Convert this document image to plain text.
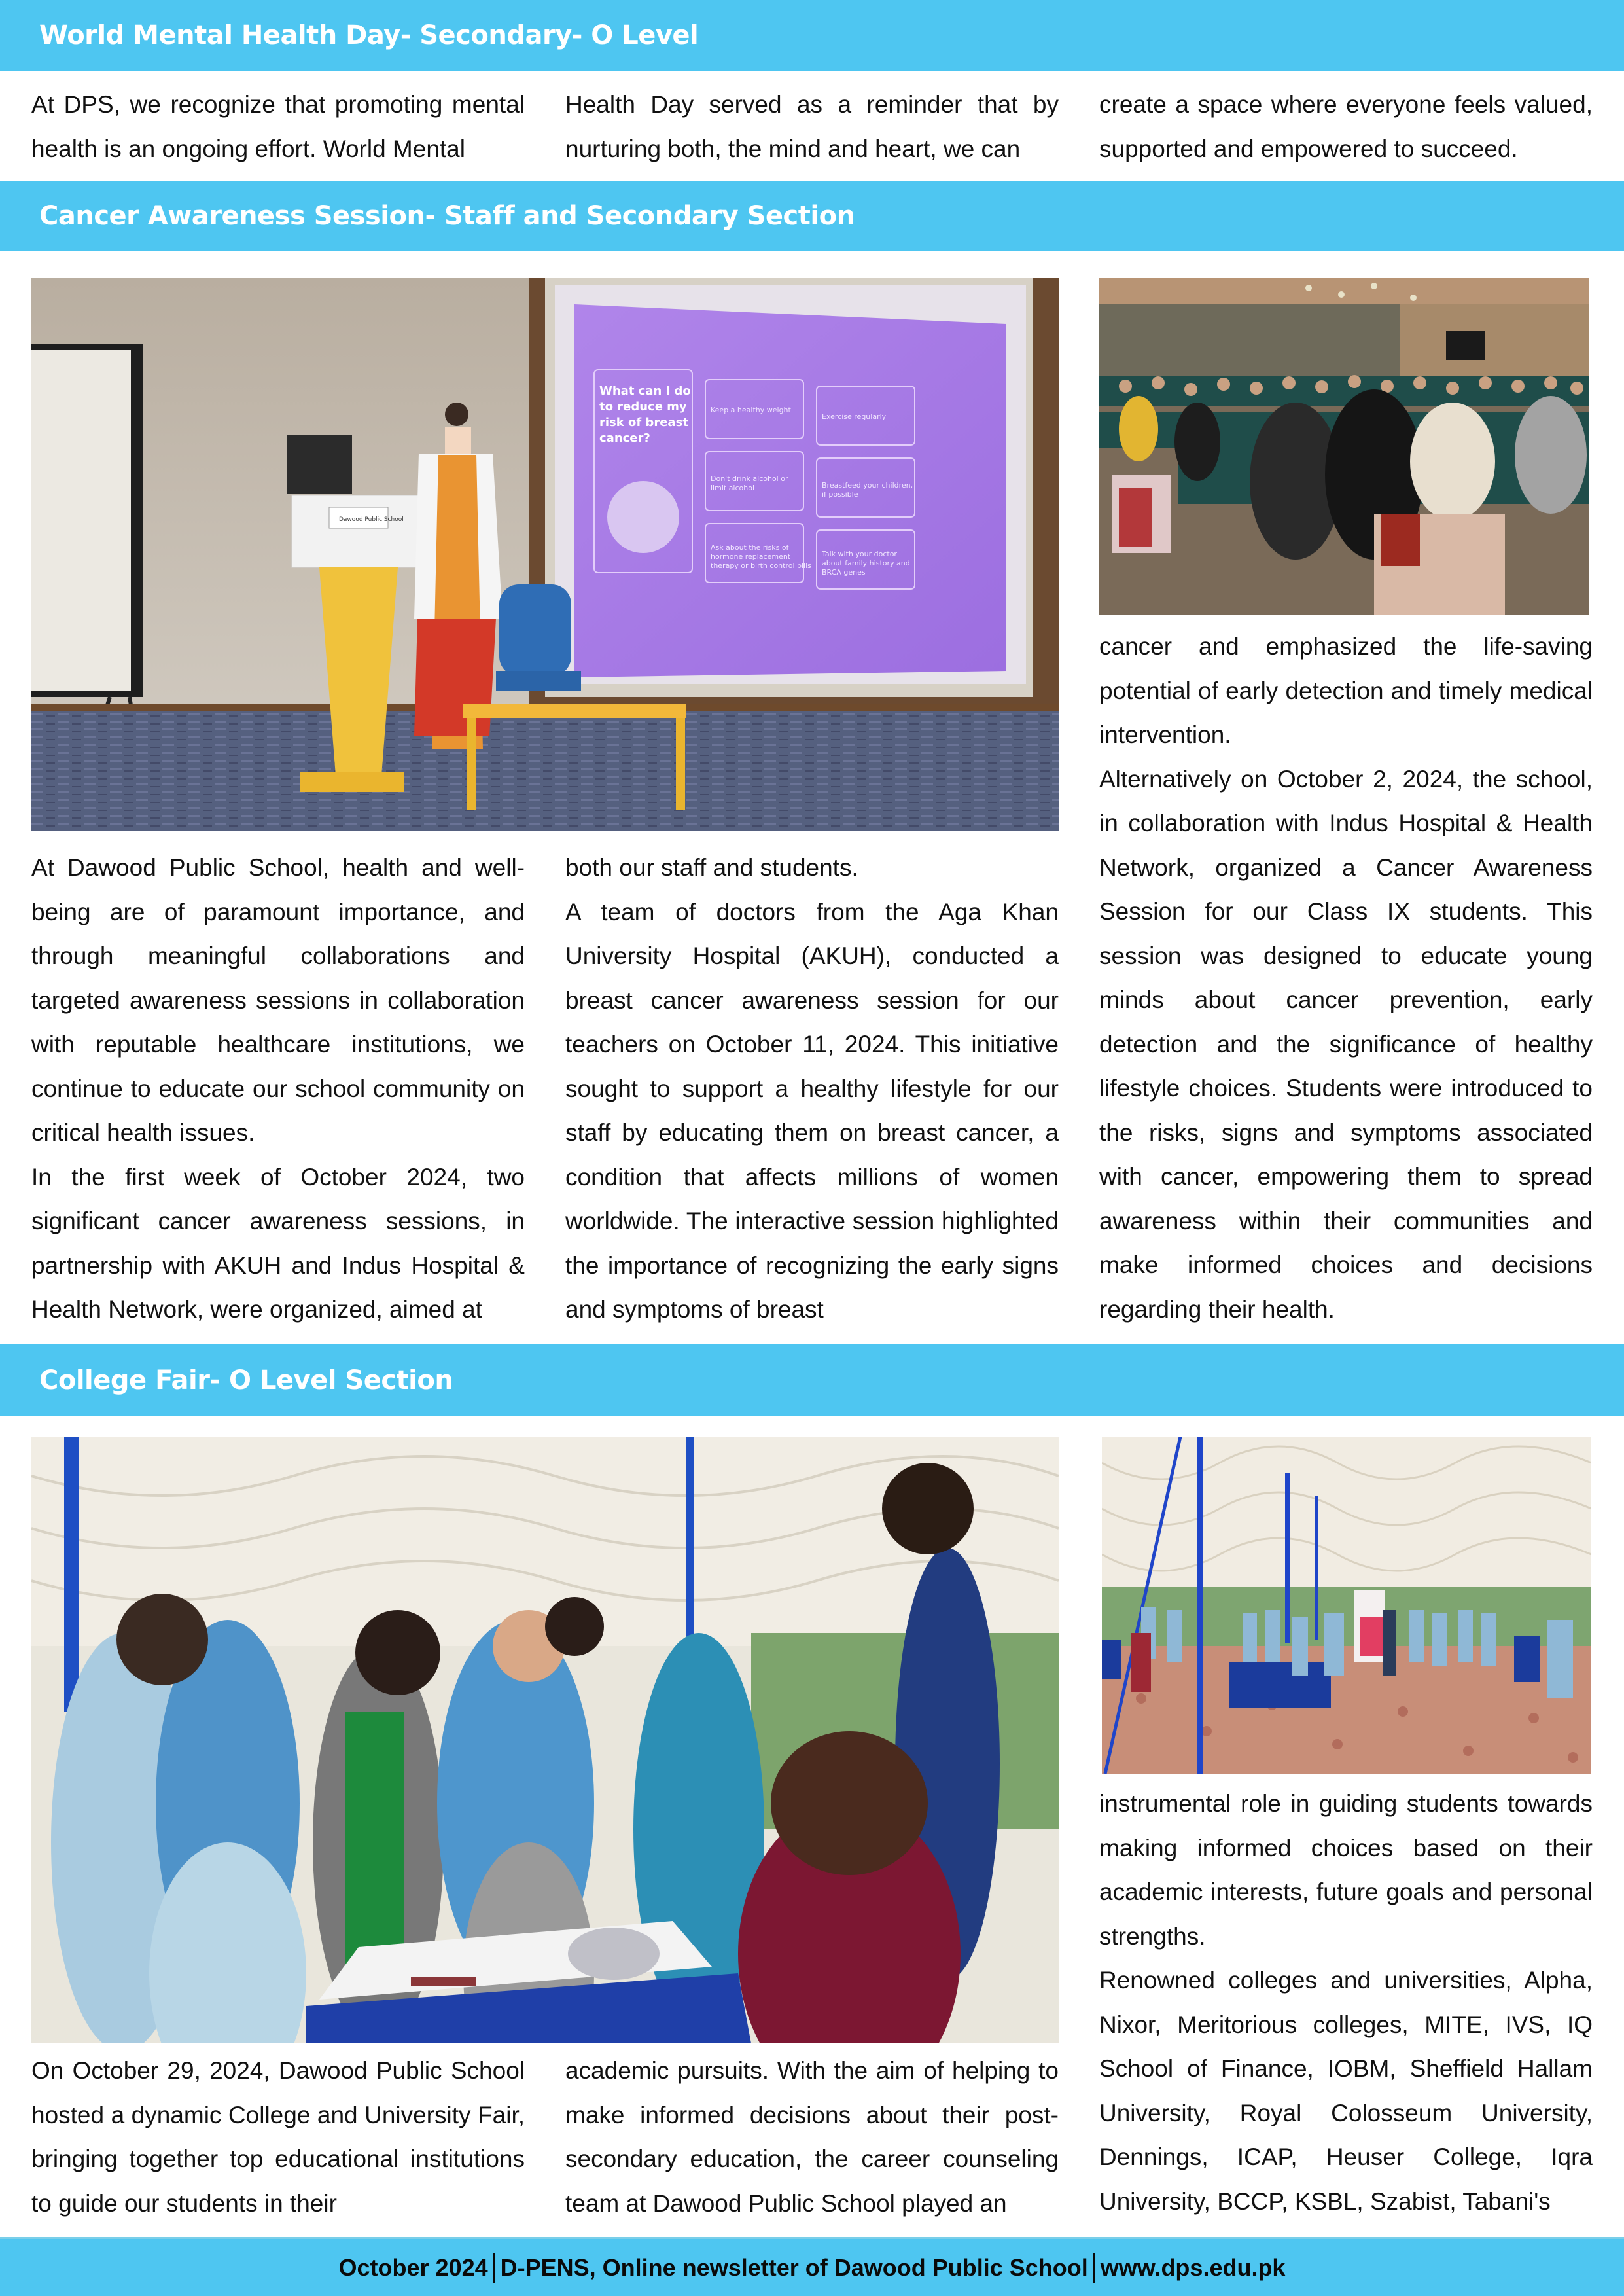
World Mental Health Day- Secondary- O Level

At DPS, we recognize that promoting mental health is an ongoing effort. World Mental

Health Day served as a reminder that by nurturing both, the mind and heart, we can

create a space where everyone feels valued, supported and empowered to succeed.

Cancer Awareness Session- Staff and Secondary Section
What can I do
to reduce my
risk of breast
cancer?
Keep a healthy weight
Exercise regularly
Don't drink alcohol or
limit alcohol	Breastfeed your children,
if possible
Ask about the risks of
hormone replacement
therapy or birth control pills
Talk with your doctor
about family history and
BRCA genes
Dawood Public School

At Dawood Public School, health and well-being are of paramount importance, and through meaningful collaborations and targeted awareness sessions in collaboration with reputable healthcare institutions, we continue to educate our school community on critical health issues.

In the first week of October 2024, two significant cancer awareness sessions, in partnership with AKUH and Indus Hospital & Health Network, were organized, aimed at

both our staff and students.

A team of doctors from the Aga Khan University Hospital (AKUH), conducted a breast cancer awareness session for our teachers on October 11, 2024. This initiative sought to support a healthy lifestyle for our staff by educating them on breast cancer, a condition that affects millions of women worldwide. The interactive session highlighted the importance of recognizing the early signs and symptoms of breast

cancer and emphasized the life-saving potential of early detection and timely medical intervention.

Alternatively on October 2, 2024, the school, in collaboration with Indus Hospital & Health Network, organized a Cancer Awareness Session for our Class IX students. This session was designed to educate young minds about cancer prevention, early detection and the significance of healthy lifestyle choices. Students were introduced to the risks, signs and symptoms associated with cancer, empowering them to spread awareness within their communities and make informed choices and decisions regarding their health.

College Fair- O Level Section

On October 29, 2024, Dawood Public School hosted a dynamic College and University Fair, bringing together top educational institutions to guide our students in their

academic pursuits. With the aim of helping to make informed decisions about their post-secondary education, the career counseling team at Dawood Public School played an

instrumental role in guiding students towards making informed choices based on their academic interests, future goals and personal strengths.

Renowned colleges and universities, Alpha, Nixor, Meritorious colleges, MITE, IVS, IQ School of Finance, IOBM, Sheffield Hallam University, Royal Colosseum University, Dennings, ICAP, Heuser College, Iqra University, BCCP, KSBL, Szabist, Tabani's

October 2024 D-PENS, Online newsletter of Dawood Public School www.dps.edu.pk
